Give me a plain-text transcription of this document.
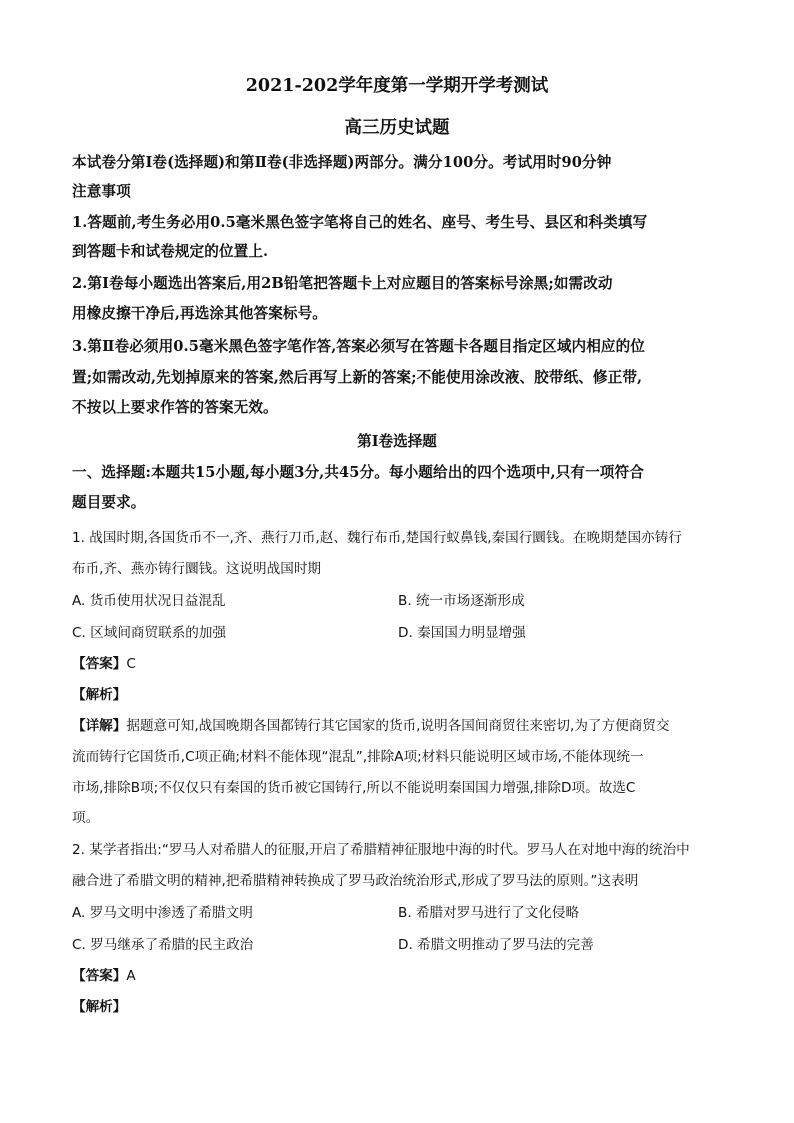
2021-202学年度第一学期开学考测试
高三历史试题
本试卷分第Ⅰ卷(选择题)和第Ⅱ卷(非选择题)两部分。满分100分。考试用时90分钟
注意事项
1.答题前,考生务必用0.5毫米黑色签字笔将自己的姓名、座号、考生号、县区和科类填写
到答题卡和试卷规定的位置上.
2.第Ⅰ卷每小题选出答案后,用2B铅笔把答题卡上对应题目的答案标号涂黑;如需改动
用橡皮擦干净后,再选涂其他答案标号。
3.第Ⅱ卷必须用0.5毫米黑色签字笔作答,答案必须写在答题卡各题目指定区域内相应的位
置;如需改动,先划掉原来的答案,然后再写上新的答案;不能使用涂改液、胶带纸、修正带,
不按以上要求作答的答案无效。
第Ⅰ卷选择题
一、选择题:本题共15小题,每小题3分,共45分。每小题给出的四个选项中,只有一项符合
题目要求。
1. 战国时期,各国货币不一,齐、燕行刀币,赵、魏行布币,楚国行蚁鼻钱,秦国行圜钱。在晚期楚国亦铸行
布币,齐、燕亦铸行圜钱。这说明战国时期
A. 货币使用状况日益混乱	B. 统一市场逐渐形成
C. 区域间商贸联系的加强	D. 秦国国力明显增强
【答案】C
【解析】
【详解】据题意可知,战国晚期各国都铸行其它国家的货币,说明各国间商贸往来密切,为了方便商贸交
流而铸行它国货币,C项正确;材料不能体现“混乱”,排除A项;材料只能说明区域市场,不能体现统一
市场,排除B项;不仅仅只有秦国的货币被它国铸行,所以不能说明秦国国力增强,排除D项。故选C
项。
2. 某学者指出:“罗马人对希腊人的征服,开启了希腊精神征服地中海的时代。罗马人在对地中海的统治中
融合进了希腊文明的精神,把希腊精神转换成了罗马政治统治形式,形成了罗马法的原则。”这表明
A. 罗马文明中渗透了希腊文明	B. 希腊对罗马进行了文化侵略
C. 罗马继承了希腊的民主政治	D. 希腊文明推动了罗马法的完善
【答案】A
【解析】
